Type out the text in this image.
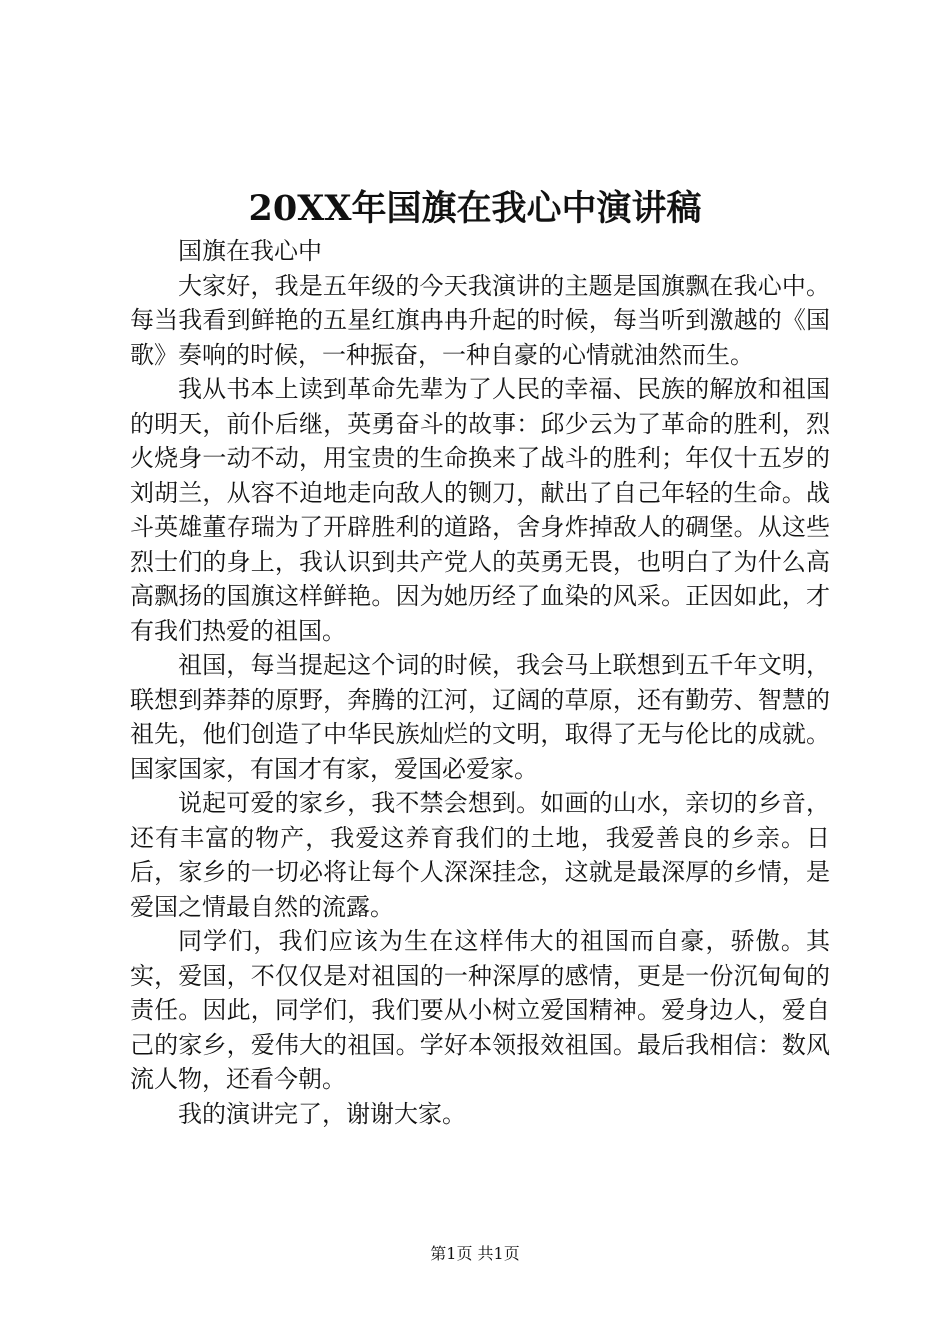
20XX年国旗在我心中演讲稿

国旗在我心中

大家好，我是五年级的今天我演讲的主题是国旗飘在我心中。每当我看到鲜艳的五星红旗冉冉升起的时候，每当听到激越的《国歌》奏响的时候，一种振奋，一种自豪的心情就油然而生。

我从书本上读到革命先辈为了人民的幸福、民族的解放和祖国的明天，前仆后继，英勇奋斗的故事：邱少云为了革命的胜利，烈火烧身一动不动，用宝贵的生命换来了战斗的胜利；年仅十五岁的刘胡兰，从容不迫地走向敌人的铡刀，献出了自己年轻的生命。战斗英雄董存瑞为了开辟胜利的道路，舍身炸掉敌人的碉堡。从这些烈士们的身上，我认识到共产党人的英勇无畏，也明白了为什么高高飘扬的国旗这样鲜艳。因为她历经了血染的风采。正因如此，才有我们热爱的祖国。

祖国，每当提起这个词的时候，我会马上联想到五千年文明，联想到莽莽的原野，奔腾的江河，辽阔的草原，还有勤劳、智慧的祖先，他们创造了中华民族灿烂的文明，取得了无与伦比的成就。国家国家，有国才有家，爱国必爱家。

说起可爱的家乡，我不禁会想到。如画的山水，亲切的乡音，还有丰富的物产，我爱这养育我们的土地，我爱善良的乡亲。日后，家乡的一切必将让每个人深深挂念，这就是最深厚的乡情，是爱国之情最自然的流露。

同学们，我们应该为生在这样伟大的祖国而自豪，骄傲。其实，爱国，不仅仅是对祖国的一种深厚的感情，更是一份沉甸甸的责任。因此，同学们，我们要从小树立爱国精神。爱身边人，爱自己的家乡，爱伟大的祖国。学好本领报效祖国。最后我相信：数风流人物，还看今朝。

我的演讲完了，谢谢大家。

第1页 共1页
